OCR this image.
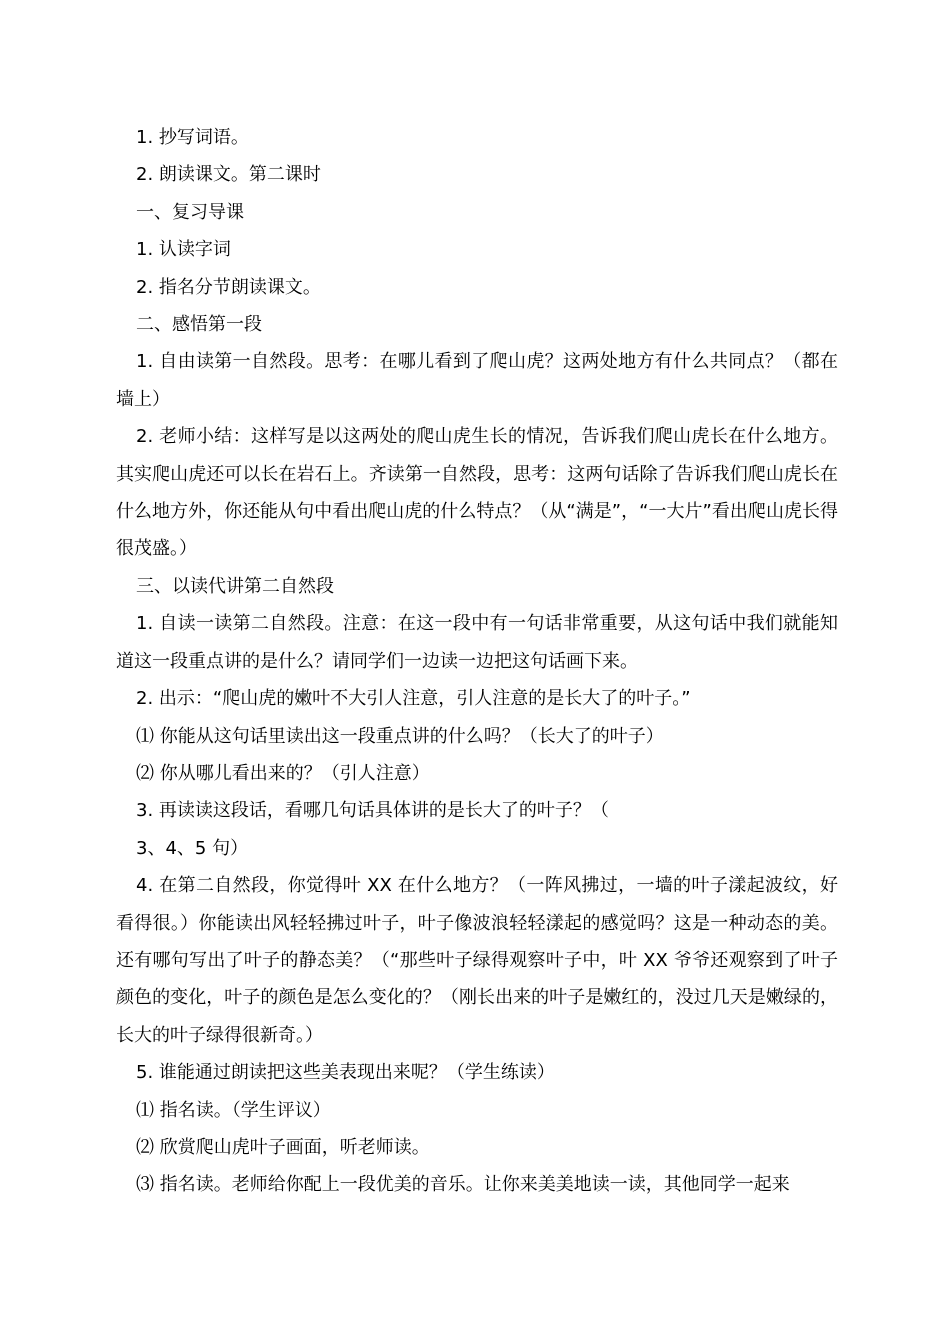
1. 抄写词语。

2. 朗读课文。第二课时

一、复习导课

1. 认读字词

2. 指名分节朗读课文。

二、感悟第一段

1. 自由读第一自然段。思考：在哪儿看到了爬山虎？这两处地方有什么共同点？（都在墙上）

2. 老师小结：这样写是以这两处的爬山虎生长的情况，告诉我们爬山虎长在什么地方。其实爬山虎还可以长在岩石上。齐读第一自然段，思考：这两句话除了告诉我们爬山虎长在什么地方外，你还能从句中看出爬山虎的什么特点？（从“满是”，“一大片”看出爬山虎长得很茂盛。）

三、以读代讲第二自然段

1. 自读一读第二自然段。注意：在这一段中有一句话非常重要，从这句话中我们就能知道这一段重点讲的是什么？请同学们一边读一边把这句话画下来。

2. 出示：“爬山虎的嫩叶不大引人注意，引人注意的是长大了的叶子。”

⑴ 你能从这句话里读出这一段重点讲的什么吗？（长大了的叶子）

⑵ 你从哪儿看出来的？（引人注意）

3. 再读读这段话，看哪几句话具体讲的是长大了的叶子？（

3、4、5 句）

4. 在第二自然段，你觉得叶 XX 在什么地方？（一阵风拂过，一墙的叶子漾起波纹，好看得很。）你能读出风轻轻拂过叶子，叶子像波浪轻轻漾起的感觉吗？这是一种动态的美。还有哪句写出了叶子的静态美？（“那些叶子绿得观察叶子中，叶 XX 爷爷还观察到了叶子颜色的变化，叶子的颜色是怎么变化的？（刚长出来的叶子是嫩红的，没过几天是嫩绿的，长大的叶子绿得很新奇。）

5. 谁能通过朗读把这些美表现出来呢？（学生练读）

⑴ 指名读。（学生评议）

⑵ 欣赏爬山虎叶子画面，听老师读。

⑶ 指名读。老师给你配上一段优美的音乐。让你来美美地读一读，其他同学一起来
